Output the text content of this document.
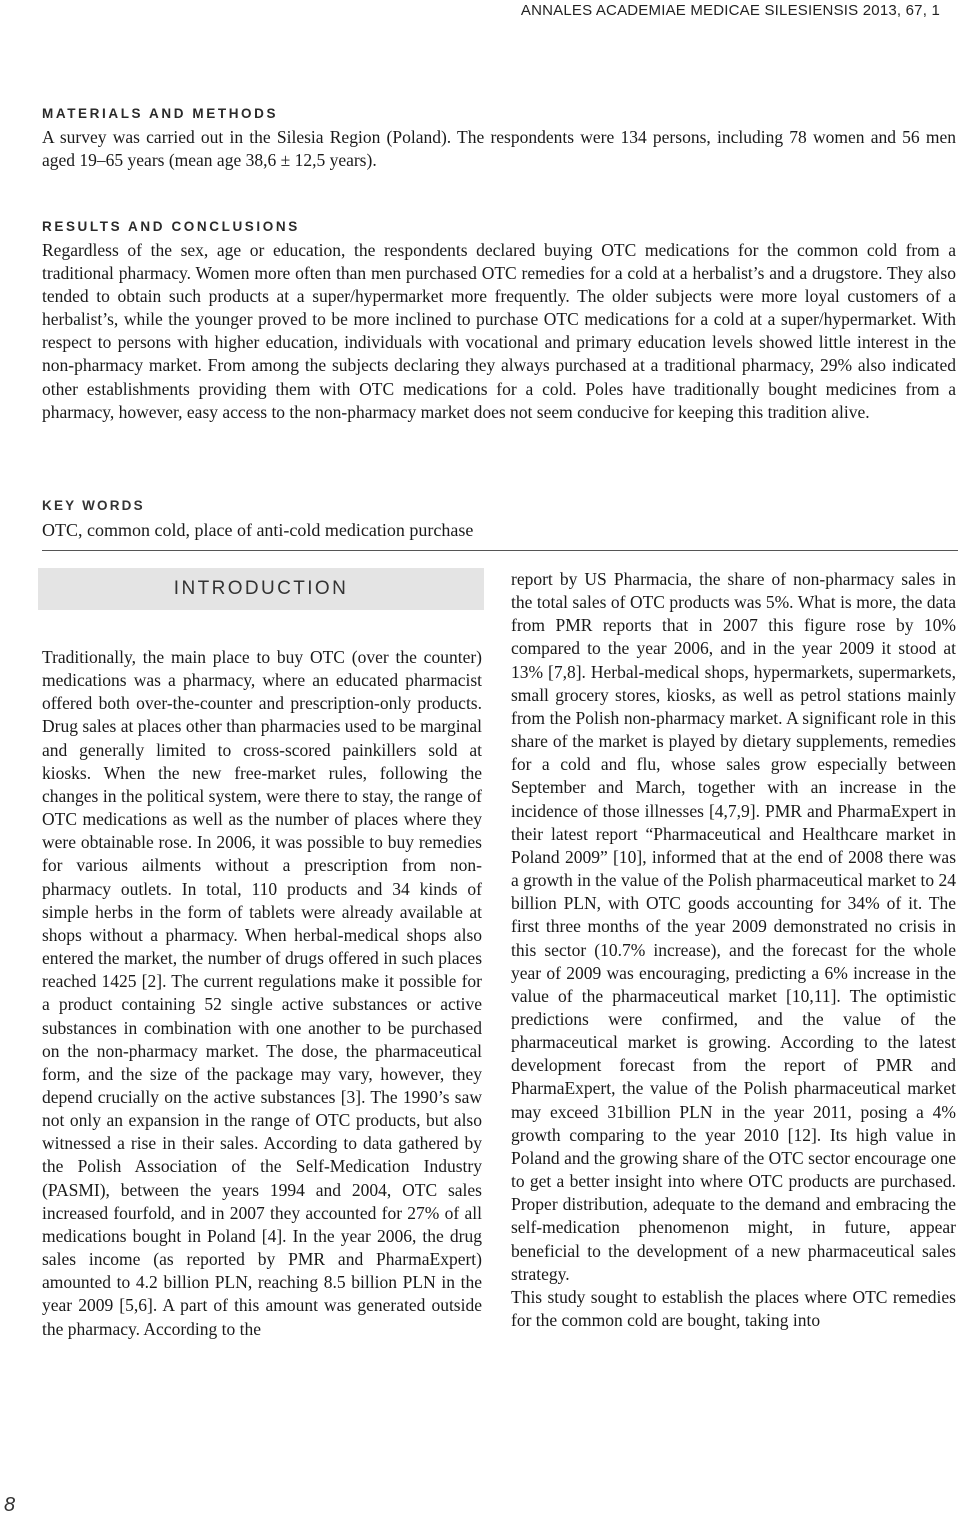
ANNALES ACADEMIAE MEDICAE SILESIENSIS 2013, 67, 1
MATERIALS AND METHODS

A survey was carried out in the Silesia Region (Poland). The respondents were 134 persons, including 78 women and 56 men aged 19–65 years (mean age 38,6 ± 12,5 years).

RESULTS AND CONCLUSIONS

Regardless of the sex, age or education, the respondents declared buying OTC medications for the common cold from a traditional pharmacy. Women more often than men purchased OTC remedies for a cold at a herbalist’s and a drugstore. They also tended to obtain such products at a super/hypermarket more frequently. The older subjects were more loyal customers of a herbalist’s, while the younger proved to be more inclined to purchase OTC medications for a cold at a super/hypermarket. With respect to persons with higher education, individuals with vocational and primary education levels showed little interest in the non-pharmacy market. From among the subjects declaring they always purchased at a traditional pharmacy, 29% also indicated other establishments providing them with OTC medications for a cold. Poles have traditionally bought medicines from a pharmacy, however, easy access to the non-pharmacy market does not seem conducive for keeping this tradition alive.

KEY WORDS

OTC, common cold, place of anti-cold medication purchase

INTRODUCTION

Traditionally, the main place to buy OTC (over the counter) medications was a pharmacy, where an educated pharmacist offered both over-the-counter and prescription-only products. Drug sales at places other than pharmacies used to be marginal and generally limited to cross-scored painkillers sold at kiosks. When the new free-market rules, following the changes in the political system, were there to stay, the range of OTC medications as well as the number of places where they were obtainable rose. In 2006, it was possible to buy remedies for various ailments without a prescription from non-pharmacy outlets. In total, 110 products and 34 kinds of simple herbs in the form of tablets were already available at shops without a pharmacy. When herbal-medical shops also entered the market, the number of drugs offered in such places reached 1425 [2]. The current regulations make it possible for a product containing 52 single active substances or active substances in combination with one another to be purchased on the non-pharmacy market. The dose, the pharmaceutical form, and the size of the package may vary, however, they depend crucially on the active substances [3]. The 1990’s saw not only an expansion in the range of OTC products, but also witnessed a rise in their sales. According to data gathered by the Polish Association of the Self-Medication Industry (PASMI), between the years 1994 and 2004, OTC sales increased fourfold, and in 2007 they accounted for 27% of all medications bought in Poland [4]. In the year 2006, the drug sales income (as reported by PMR and PharmaExpert) amounted to 4.2 billion PLN, reaching 8.5 billion PLN in the year 2009 [5,6]. A part of this amount was generated outside the pharmacy. According to the

report by US Pharmacia, the share of non-pharmacy sales in the total sales of OTC products was 5%. What is more, the data from PMR reports that in 2007 this figure rose by 10% compared to the year 2006, and in the year 2009 it stood at 13% [7,8]. Herbal-medical shops, hypermarkets, supermarkets, small grocery stores, kiosks, as well as petrol stations mainly from the Polish non-pharmacy market. A significant role in this share of the market is played by dietary supplements, remedies for a cold and flu, whose sales grow especially between September and March, together with an increase in the incidence of those illnesses [4,7,9]. PMR and PharmaExpert in their latest report “Pharmaceutical and Healthcare market in Poland 2009” [10], informed that at the end of 2008 there was a growth in the value of the Polish pharmaceutical market to 24 billion PLN, with OTC goods accounting for 34% of it. The first three months of the year 2009 demonstrated no crisis in this sector (10.7% increase), and the forecast for the whole year of 2009 was encouraging, predicting a 6% increase in the value of the pharmaceutical market [10,11]. The optimistic predictions were confirmed, and the value of the pharmaceutical market is growing. According to the latest development forecast from the report of PMR and PharmaExpert, the value of the Polish pharmaceutical market may exceed 31billion PLN in the year 2011, posing a 4% growth comparing to the year 2010 [12]. Its high value in Poland and the growing share of the OTC sector encourage one to get a better insight into where OTC products are purchased. Proper distribution, adequate to the demand and embracing the self-medication phenomenon might, in future, appear beneficial to the development of a new pharmaceutical sales strategy.

This study sought to establish the places where OTC remedies for the common cold are bought, taking into

8
